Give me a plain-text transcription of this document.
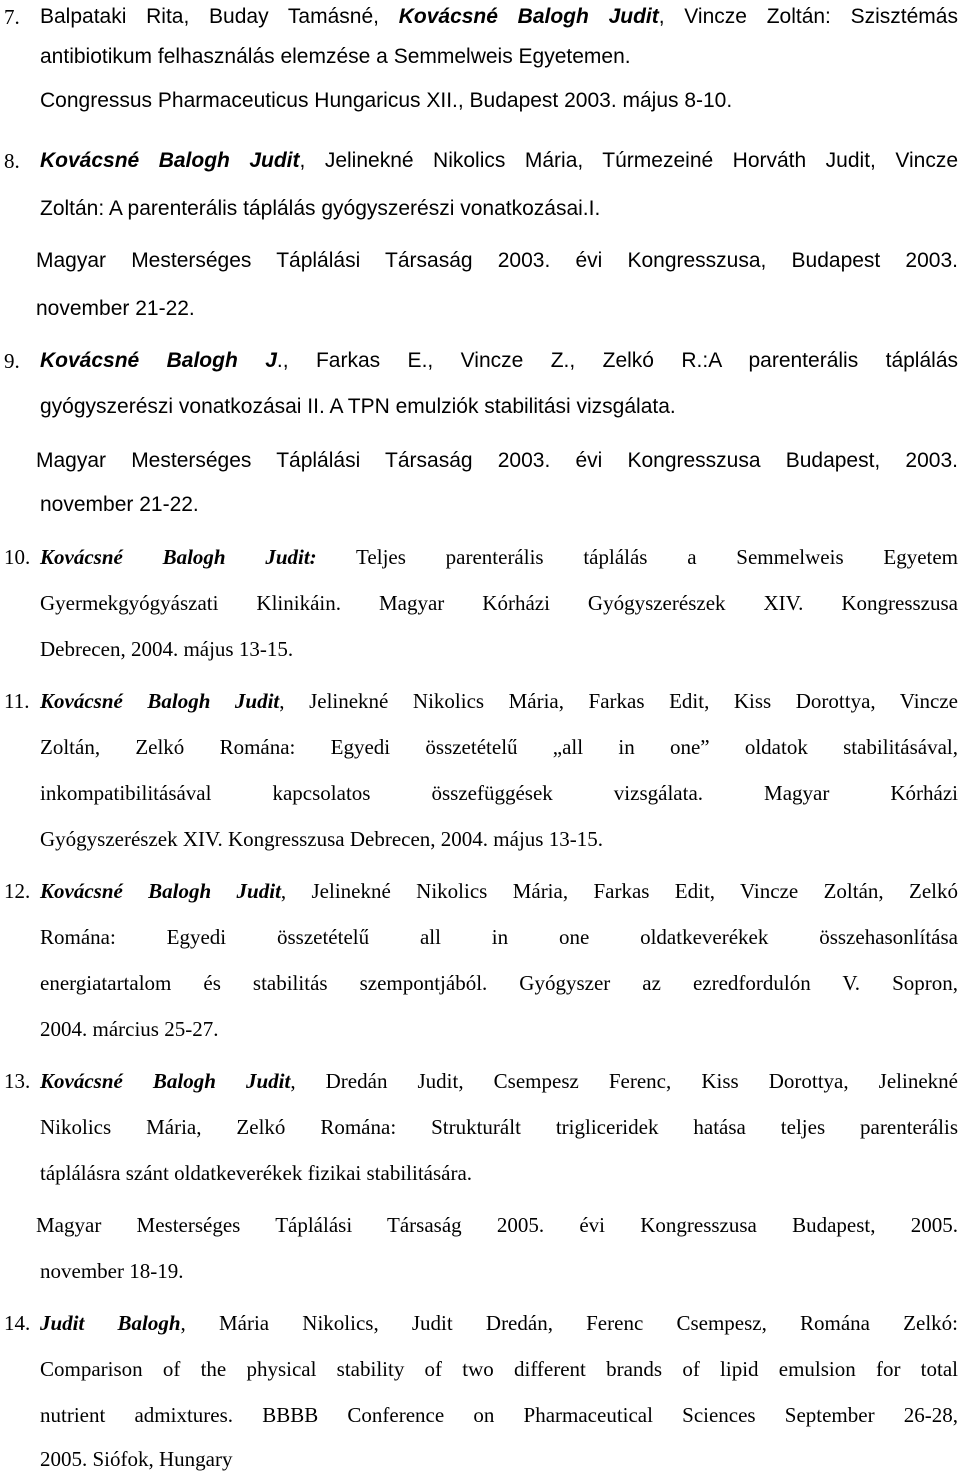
7. Balpataki Rita, Buday Tamásné, Kovácsné Balogh Judit, Vincze Zoltán: Szisztémás

antibiotikum felhasználás elemzése a Semmelweis Egyetemen.

Congressus Pharmaceuticus Hungaricus XII., Budapest 2003. május 8-10.

8. Kovácsné Balogh Judit, Jelinekné Nikolics Mária, Túrmezeiné Horváth Judit, Vincze

Zoltán: A parenterális táplálás gyógyszerészi vonatkozásai.I.

Magyar Mesterséges Táplálási Társaság 2003. évi Kongresszusa, Budapest 2003.

november 21-22.

9. Kovácsné Balogh J., Farkas E., Vincze Z., Zelkó R.:A parenterális táplálás

gyógyszerészi vonatkozásai II. A TPN emulziók stabilitási vizsgálata.

Magyar Mesterséges Táplálási Társaság 2003. évi Kongresszusa Budapest, 2003.

november 21-22.

10. Kovácsné Balogh Judit: Teljes parenterális táplálás a Semmelweis Egyetem

Gyermekgyógyászati Klinikáin. Magyar Kórházi Gyógyszerészek XIV. Kongresszusa

Debrecen, 2004. május 13-15.

11. Kovácsné Balogh Judit, Jelinekné Nikolics Mária, Farkas Edit, Kiss Dorottya, Vincze

Zoltán, Zelkó Románа: Egyedi összetételű „all in one” oldatok stabilitásával,

inkompatibilitásával kapcsolatos összefüggések vizsgálata. Magyar Kórházi

Gyógyszerészek XIV. Kongresszusa Debrecen, 2004. május 13-15.

12. Kovácsné Balogh Judit, Jelinekné Nikolics Mária, Farkas Edit, Vincze Zoltán, Zelkó

Romána: Egyedi összetételű all in one oldatkeverékek összehasonlítása

energiatartalom és stabilitás szempontjából. Gyógyszer az ezredfordulón V. Sopron,

2004. március 25-27.

13. Kovácsné Balogh Judit, Dredán Judit, Csempesz Ferenc, Kiss Dorottya, Jelinekné

Nikolics Mária, Zelkó Romána: Strukturált trigliceridek hatása teljes parenterális

táplálásra szánt oldatkeverékek fizikai stabilitására.

Magyar Mesterséges Táplálási Társaság 2005. évi Kongresszusa Budapest, 2005.

november 18-19.

14. Judit Balogh, Mária Nikolics, Judit Dredán, Ferenc Csempesz, Romána Zelkó:

Comparison of the physical stability of two different brands of lipid emulsion for total

nutrient admixtures. BBBB Conference on Pharmaceutical Sciences September 26-28,

2005. Siófok, Hungary
